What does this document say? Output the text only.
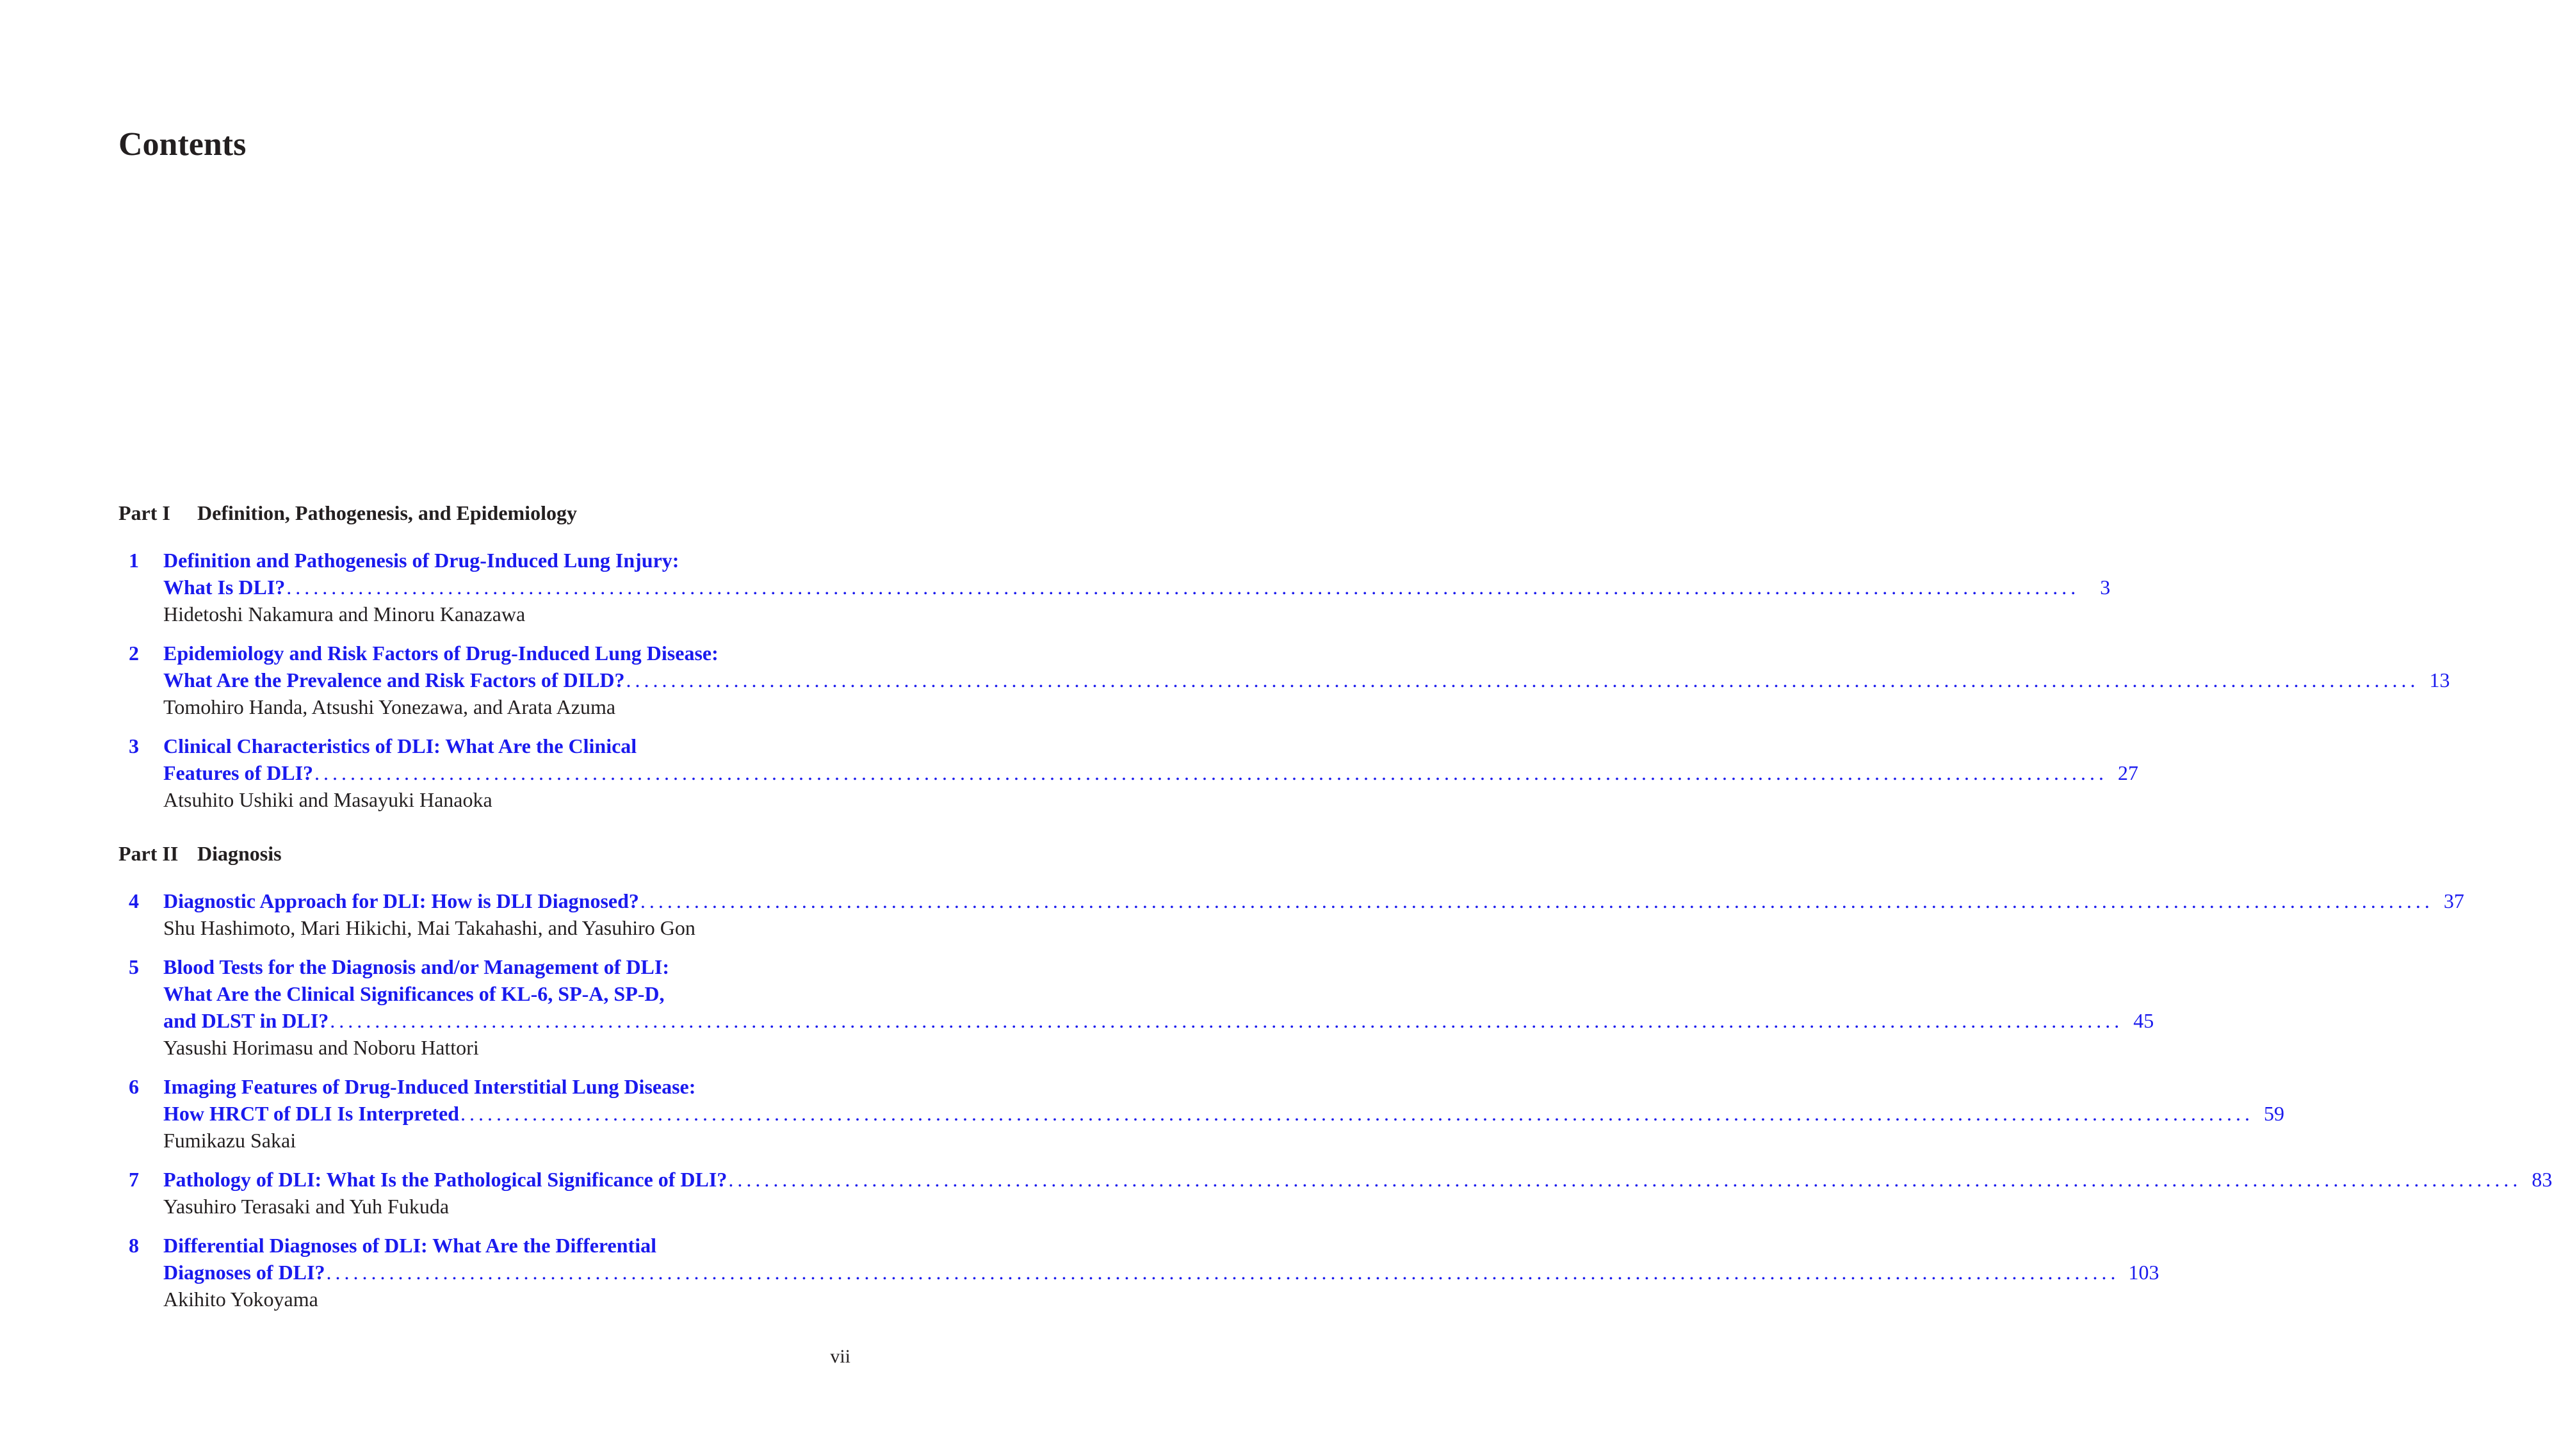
Contents
Part I	Definition, Pathogenesis, and Epidemiology
1 Definition and Pathogenesis of Drug-Induced Lung Injury:
What Is DLI? ........................................................................................................................................................................................................	3
Hidetoshi Nakamura and Minoru Kanazawa
2 Epidemiology and Risk Factors of Drug-Induced Lung Disease:
What Are the Prevalence and Risk Factors of DILD? ........................................................................................................................................................................................................ 13
Tomohiro Handa, Atsushi Yonezawa, and Arata Azuma
3 Clinical Characteristics of DLI: What Are the Clinical
Features of DLI? ........................................................................................................................................................................................................ 27
Atsuhito Ushiki and Masayuki Hanaoka
Part II Diagnosis
4 Diagnostic Approach for DLI: How is DLI Diagnosed? ........................................................................................................................................................................................................ 37
Shu Hashimoto, Mari Hikichi, Mai Takahashi, and Yasuhiro Gon
5 Blood Tests for the Diagnosis and/or Management of DLI:
What Are the Clinical Significances of KL-6, SP-A, SP-D,
and DLST in DLI? ........................................................................................................................................................................................................ 45
Yasushi Horimasu and Noboru Hattori
6 Imaging Features of Drug-Induced Interstitial Lung Disease:
How HRCT of DLI Is Interpreted ........................................................................................................................................................................................................ 59
Fumikazu Sakai
7 Pathology of DLI: What Is the Pathological Significance of DLI? ........................................................................................................................................................................................................ 83
Yasuhiro Terasaki and Yuh Fukuda
8 Differential Diagnoses of DLI: What Are the Differential
Diagnoses of DLI? ........................................................................................................................................................................................................ 103
Akihito Yokoyama
vii
